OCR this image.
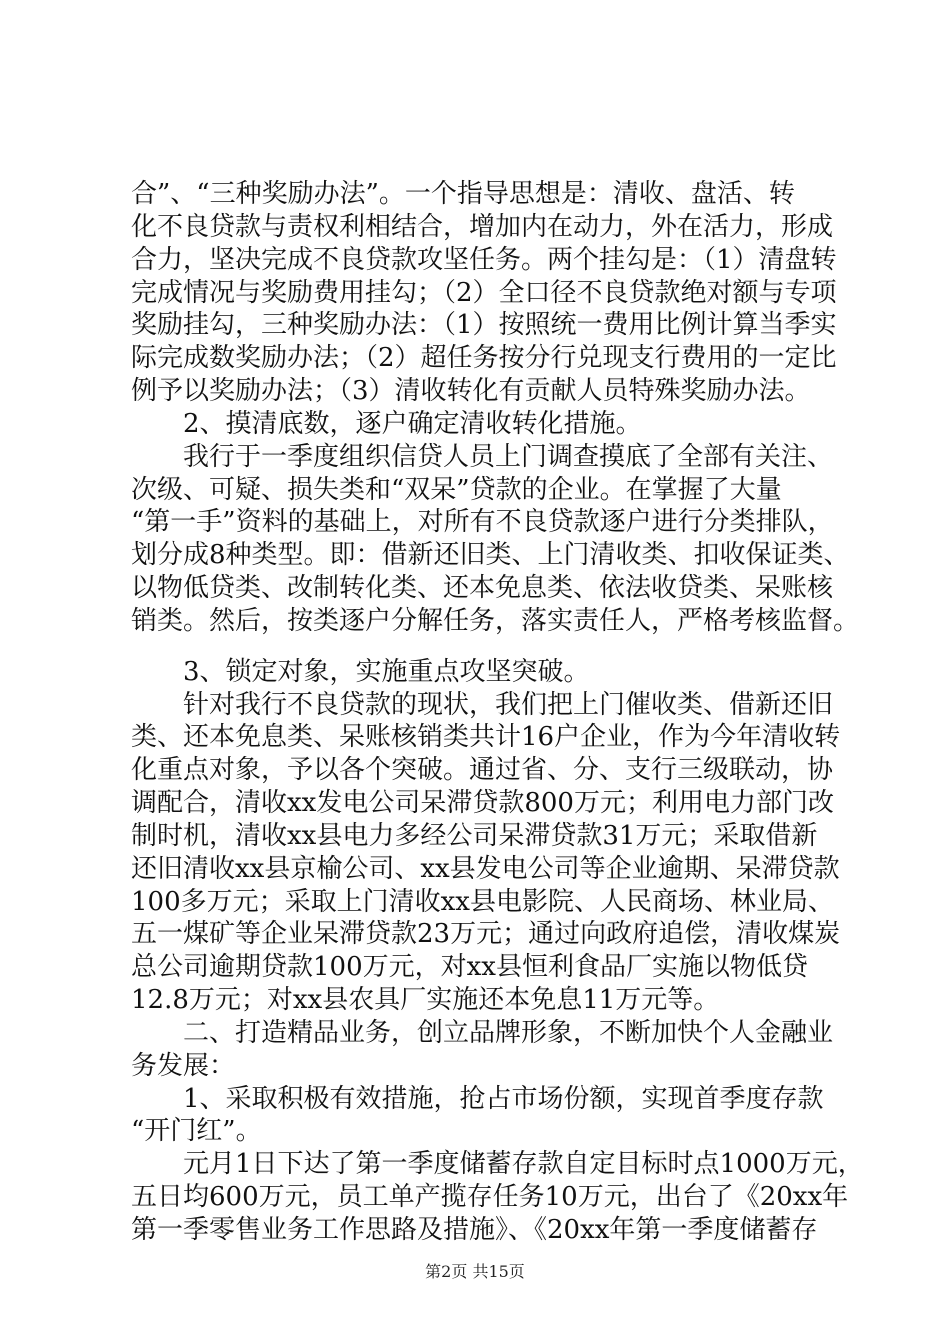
合”、“三种奖励办法”。一个指导思想是：清收、盘活、转
化不良贷款与责权利相结合，增加内在动力，外在活力，形成
合力，坚决完成不良贷款攻坚任务。两个挂勾是：（1）清盘转
完成情况与奖励费用挂勾；（2）全口径不良贷款绝对额与专项
奖励挂勾，三种奖励办法：（1）按照统一费用比例计算当季实
际完成数奖励办法；（2）超任务按分行兑现支行费用的一定比
例予以奖励办法；（3）清收转化有贡献人员特殊奖励办法。
　　2、摸清底数，逐户确定清收转化措施。
　　我行于一季度组织信贷人员上门调查摸底了全部有关注、
次级、可疑、损失类和“双呆”贷款的企业。在掌握了大量
“第一手”资料的基础上，对所有不良贷款逐户进行分类排队，
划分成8种类型。即：借新还旧类、上门清收类、扣收保证类、
以物低贷类、改制转化类、还本免息类、依法收贷类、呆账核
销类。然后，按类逐户分解任务，落实责任人，严格考核监督。
　　3、锁定对象，实施重点攻坚突破。
　　针对我行不良贷款的现状，我们把上门催收类、借新还旧
类、还本免息类、呆账核销类共计16户企业，作为今年清收转
化重点对象，予以各个突破。通过省、分、支行三级联动，协
调配合，清收xx发电公司呆滞贷款800万元；利用电力部门改
制时机，清收xx县电力多经公司呆滞贷款31万元；采取借新
还旧清收xx县京榆公司、xx县发电公司等企业逾期、呆滞贷款
100多万元；采取上门清收xx县电影院、人民商场、林业局、
五一煤矿等企业呆滞贷款23万元；通过向政府追偿，清收煤炭
总公司逾期贷款100万元，对xx县恒利食品厂实施以物低贷
12.8万元；对xx县农具厂实施还本免息11万元等。
　　二、打造精品业务，创立品牌形象，不断加快个人金融业
务发展：
　　1、采取积极有效措施，抢占市场份额，实现首季度存款
“开门红”。
　　元月1日下达了第一季度储蓄存款自定目标时点1000万元，
五日均600万元，员工单产揽存任务10万元，出台了《20xx年
第一季零售业务工作思路及措施》、《20xx年第一季度储蓄存
第2页 共15页
